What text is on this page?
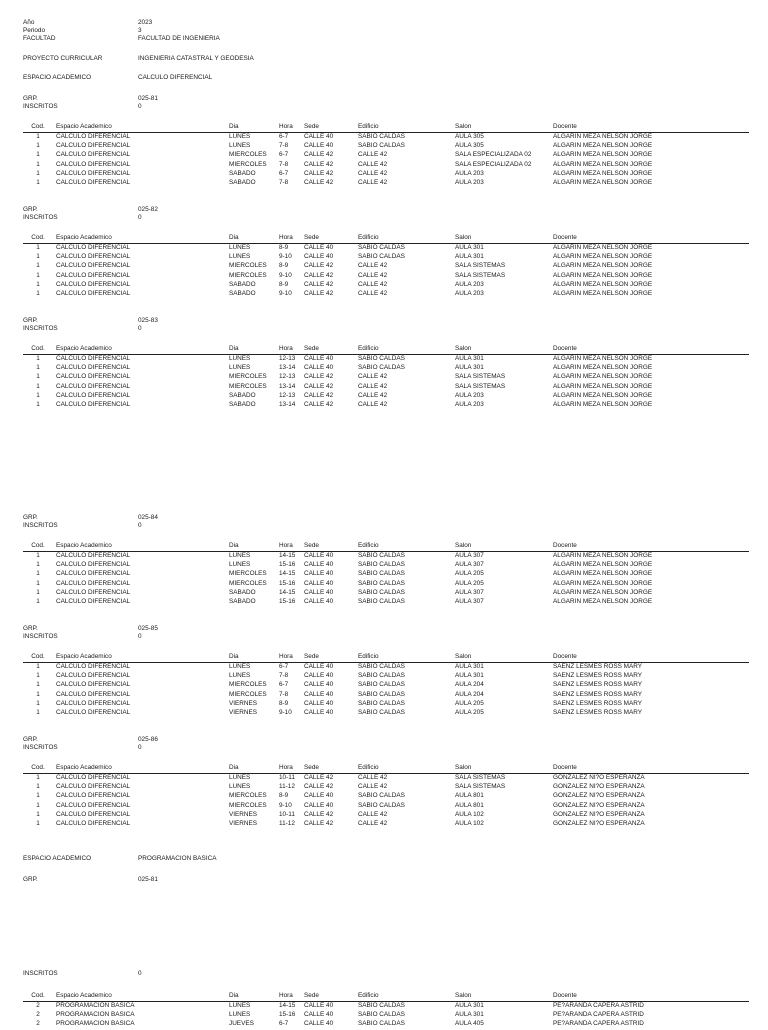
Año	2023
Periodo	3
FACULTAD	FACULTAD DE INGENIERIA
PROYECTO CURRICULAR	INGENIERIA CATASTRAL Y GEODESIA
ESPACIO ACADEMICO	CALCULO DIFERENCIAL
GRP.	025-81
INSCRITOS	0
Cod. Espacio Academico	Dia	Hora Sede	Edificio	Salon	Docente
1	CALCULO DIFERENCIAL	LUNES	6-7 CALLE 40	SABIO CALDAS	AULA 305	ALGARIN MEZA NELSON JORGE
1	CALCULO DIFERENCIAL	LUNES	7-8 CALLE 40	SABIO CALDAS	AULA 305	ALGARIN MEZA NELSON JORGE
1	CALCULO DIFERENCIAL	MIERCOLES 6-7 CALLE 42	CALLE 42	SALA ESPECIALIZADA 02	ALGARIN MEZA NELSON JORGE
1	CALCULO DIFERENCIAL	MIERCOLES 7-8 CALLE 42	CALLE 42	SALA ESPECIALIZADA 02	ALGARIN MEZA NELSON JORGE
1	CALCULO DIFERENCIAL	SABADO	6-7 CALLE 42	CALLE 42	AULA 203	ALGARIN MEZA NELSON JORGE
1	CALCULO DIFERENCIAL	SABADO	7-8 CALLE 42	CALLE 42	AULA 203	ALGARIN MEZA NELSON JORGE
GRP.	025-82
INSCRITOS	0
Cod. Espacio Academico	Dia	Hora Sede	Edificio	Salon	Docente
1	CALCULO DIFERENCIAL	LUNES	8-9 CALLE 40	SABIO CALDAS	AULA 301	ALGARIN MEZA NELSON JORGE
1	CALCULO DIFERENCIAL	LUNES	9-10 CALLE 40	SABIO CALDAS	AULA 301	ALGARIN MEZA NELSON JORGE
1	CALCULO DIFERENCIAL	MIERCOLES 8-9 CALLE 42	CALLE 42	SALA SISTEMAS	ALGARIN MEZA NELSON JORGE
1	CALCULO DIFERENCIAL	MIERCOLES 9-10 CALLE 42	CALLE 42	SALA SISTEMAS	ALGARIN MEZA NELSON JORGE
1	CALCULO DIFERENCIAL	SABADO	8-9 CALLE 42	CALLE 42	AULA 203	ALGARIN MEZA NELSON JORGE
1	CALCULO DIFERENCIAL	SABADO	9-10 CALLE 42	CALLE 42	AULA 203	ALGARIN MEZA NELSON JORGE
GRP.	025-83
INSCRITOS	0
Cod. Espacio Academico	Dia	Hora Sede	Edificio	Salon	Docente
1	CALCULO DIFERENCIAL	LUNES	12-13 CALLE 40	SABIO CALDAS	AULA 301	ALGARIN MEZA NELSON JORGE
1	CALCULO DIFERENCIAL	LUNES	13-14 CALLE 40	SABIO CALDAS	AULA 301	ALGARIN MEZA NELSON JORGE
1	CALCULO DIFERENCIAL	MIERCOLES 12-13 CALLE 42	CALLE 42	SALA SISTEMAS	ALGARIN MEZA NELSON JORGE
1	CALCULO DIFERENCIAL	MIERCOLES 13-14 CALLE 42	CALLE 42	SALA SISTEMAS	ALGARIN MEZA NELSON JORGE
1	CALCULO DIFERENCIAL	SABADO	12-13 CALLE 42	CALLE 42	AULA 203	ALGARIN MEZA NELSON JORGE
1	CALCULO DIFERENCIAL	SABADO	13-14 CALLE 42	CALLE 42	AULA 203	ALGARIN MEZA NELSON JORGE
GRP.	025-84
INSCRITOS	0
Cod. Espacio Academico	Dia	Hora Sede	Edificio	Salon	Docente
1	CALCULO DIFERENCIAL	LUNES	14-15 CALLE 40	SABIO CALDAS	AULA 307	ALGARIN MEZA NELSON JORGE
1	CALCULO DIFERENCIAL	LUNES	15-16 CALLE 40	SABIO CALDAS	AULA 307	ALGARIN MEZA NELSON JORGE
1	CALCULO DIFERENCIAL	MIERCOLES 14-15 CALLE 40	SABIO CALDAS	AULA 205	ALGARIN MEZA NELSON JORGE
1	CALCULO DIFERENCIAL	MIERCOLES 15-16 CALLE 40	SABIO CALDAS	AULA 205	ALGARIN MEZA NELSON JORGE
1	CALCULO DIFERENCIAL	SABADO	14-15 CALLE 40	SABIO CALDAS	AULA 307	ALGARIN MEZA NELSON JORGE
1	CALCULO DIFERENCIAL	SABADO	15-16 CALLE 40	SABIO CALDAS	AULA 307	ALGARIN MEZA NELSON JORGE
GRP.	025-85
INSCRITOS	0
Cod. Espacio Academico	Dia	Hora Sede	Edificio	Salon	Docente
1	CALCULO DIFERENCIAL	LUNES	6-7 CALLE 40	SABIO CALDAS	AULA 301	SAENZ LESMES ROSS MARY
1	CALCULO DIFERENCIAL	LUNES	7-8 CALLE 40	SABIO CALDAS	AULA 301	SAENZ LESMES ROSS MARY
1	CALCULO DIFERENCIAL	MIERCOLES 6-7 CALLE 40	SABIO CALDAS	AULA 204	SAENZ LESMES ROSS MARY
1	CALCULO DIFERENCIAL	MIERCOLES 7-8 CALLE 40	SABIO CALDAS	AULA 204	SAENZ LESMES ROSS MARY
1	CALCULO DIFERENCIAL	VIERNES	8-9 CALLE 40	SABIO CALDAS	AULA 205	SAENZ LESMES ROSS MARY
1	CALCULO DIFERENCIAL	VIERNES	9-10 CALLE 40	SABIO CALDAS	AULA 205	SAENZ LESMES ROSS MARY
GRP.	025-86
INSCRITOS	0
Cod. Espacio Academico	Dia	Hora Sede	Edificio	Salon	Docente
1	CALCULO DIFERENCIAL	LUNES	10-11 CALLE 42	CALLE 42	SALA SISTEMAS	GONZALEZ NI?O ESPERANZA
1	CALCULO DIFERENCIAL	LUNES	11-12 CALLE 42	CALLE 42	SALA SISTEMAS	GONZALEZ NI?O ESPERANZA
1	CALCULO DIFERENCIAL	MIERCOLES 8-9 CALLE 40	SABIO CALDAS	AULA 801	GONZALEZ NI?O ESPERANZA
1	CALCULO DIFERENCIAL	MIERCOLES 9-10 CALLE 40	SABIO CALDAS	AULA 801	GONZALEZ NI?O ESPERANZA
1	CALCULO DIFERENCIAL	VIERNES	10-11 CALLE 42	CALLE 42	AULA 102	GONZALEZ NI?O ESPERANZA
1	CALCULO DIFERENCIAL	VIERNES	11-12 CALLE 42	CALLE 42	AULA 102	GONZALEZ NI?O ESPERANZA
ESPACIO ACADEMICO	PROGRAMACION BASICA
GRP.	025-81
INSCRITOS	0
Cod. Espacio Academico	Dia	Hora Sede	Edificio	Salon	Docente
2	PROGRAMACION BASICA	LUNES	14-15 CALLE 40	SABIO CALDAS	AULA 301	PE?ARANDA CAPERA ASTRID
2	PROGRAMACION BASICA	LUNES	15-16 CALLE 40	SABIO CALDAS	AULA 301	PE?ARANDA CAPERA ASTRID
2	PROGRAMACION BASICA	JUEVES	6-7 CALLE 40	SABIO CALDAS	AULA 405	PE?ARANDA CAPERA ASTRID
